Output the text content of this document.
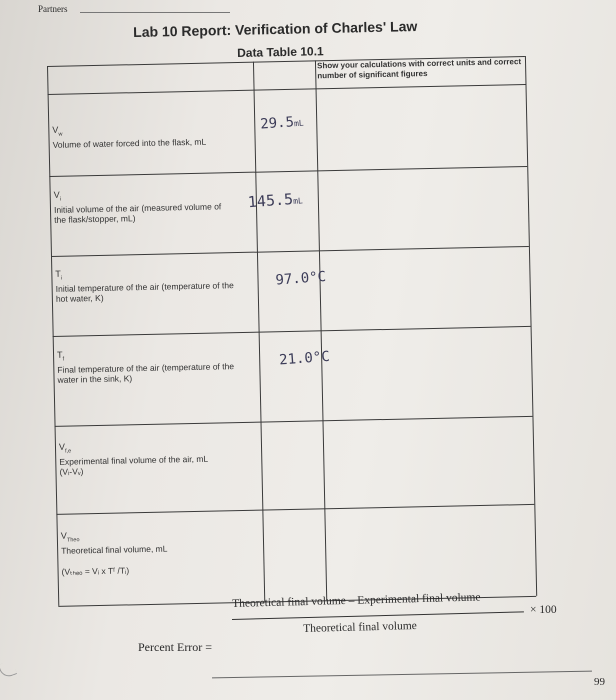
Partners
Lab 10 Report: Verification of Charles' Law
Data Table 10.1
Show your calculations with correct units and correct number of significant figures
$V_w$
Volume of water forced into the flask, mL
29.5mL
$V_i$
Initial volume of the air (measured volume of the flask/stopper, mL)
145.5mL
$T_i$
Initial temperature of the air (temperature of the hot water, K)
97.0°C
$T_f$
Final temperature of the air (temperature of the water in the sink, K)
21.0°C
$V_{f,e}$
Experimental final volume of the air, mL
(Vᵢ-Vᵥ)
$V_{Theo}$
Theoretical final volume, mL

(Vₜₕₑₒ = Vᵢ x Tᶠ /Tᵢ)
Percent Error =
Theoretical final volume – Experimental final volume
Theoretical final volume
× 100
99
